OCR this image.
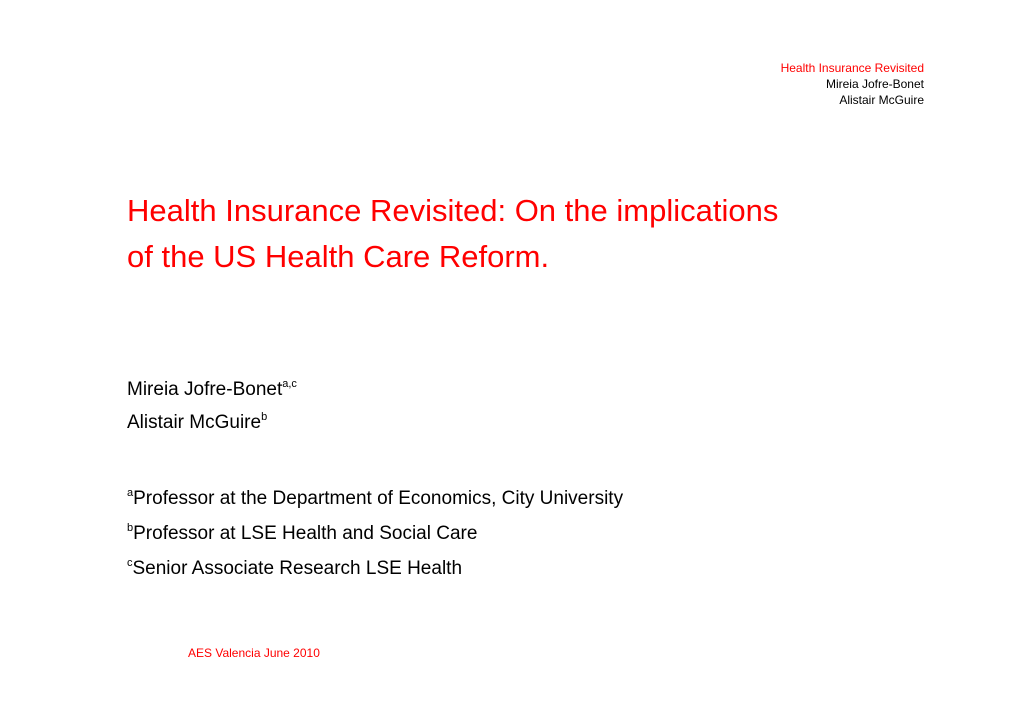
Health Insurance Revisited
Mireia Jofre-Bonet
Alistair McGuire
Health Insurance Revisited: On the implications
of the US Health Care Reform.
Mireia Jofre-Bonet$^{a,c}$
Alistair McGuire$^b$
$^a$Professor at the Department of Economics, City University
$^b$Professor at LSE Health and Social Care
$^c$Senior Associate Research LSE Health
AES Valencia June 2010
